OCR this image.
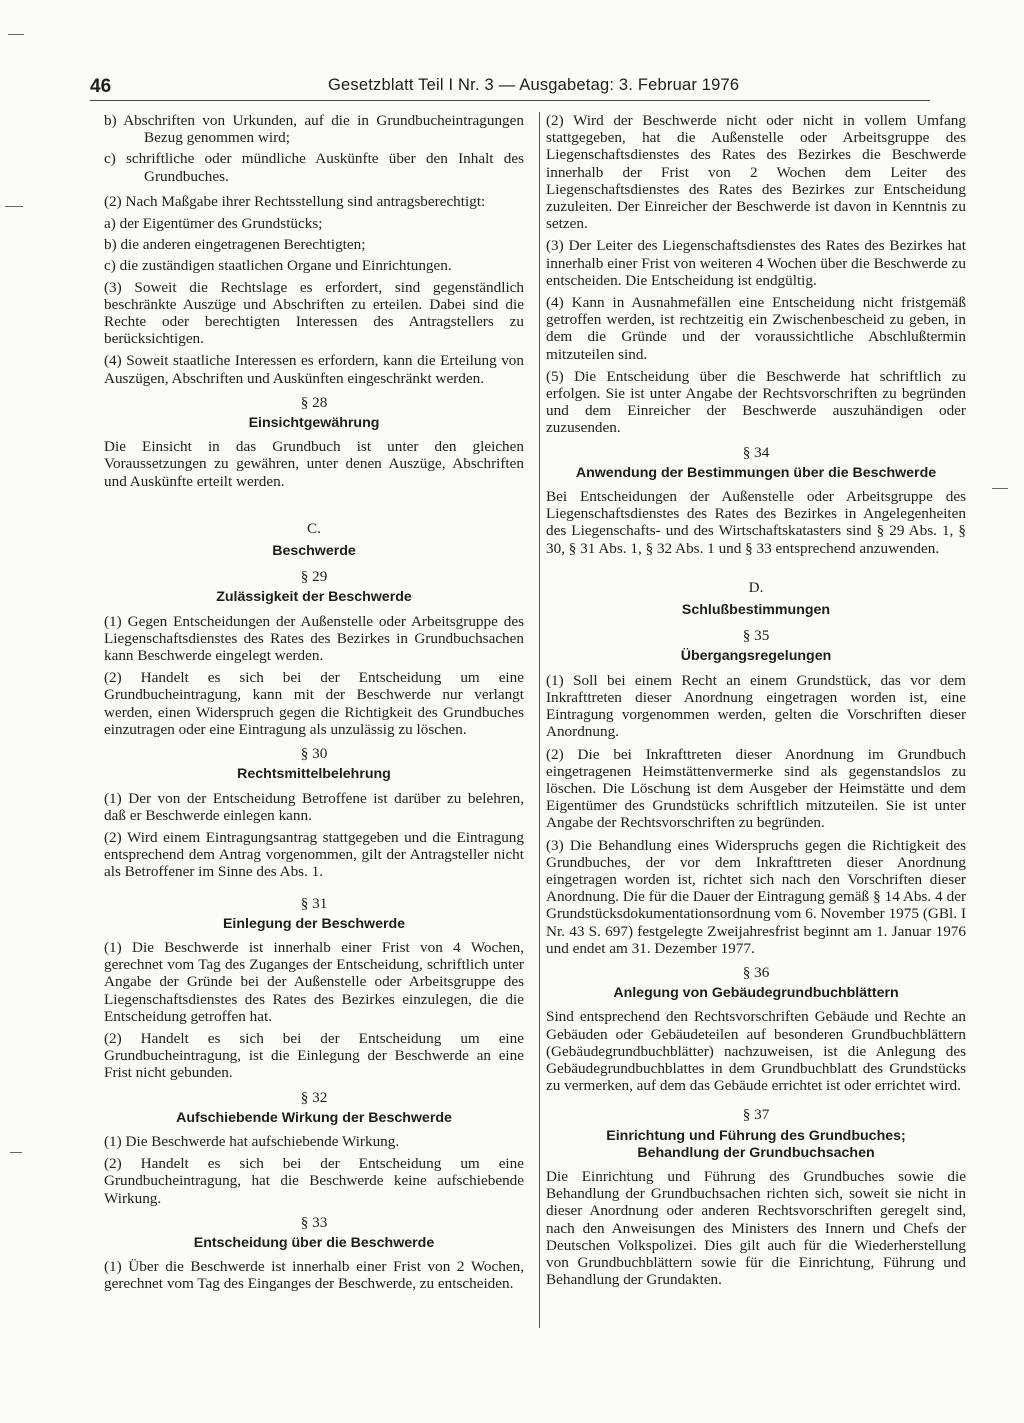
46	Gesetzblatt Teil I Nr. 3 — Ausgabetag: 3. Februar 1976

b) Abschriften von Urkunden, auf die in Grundbucheintragungen Bezug genommen wird;

c) schriftliche oder mündliche Auskünfte über den Inhalt des Grundbuches.

(2) Nach Maßgabe ihrer Rechtsstellung sind antragsberechtigt:

a) der Eigentümer des Grundstücks;

b) die anderen eingetragenen Berechtigten;

c) die zuständigen staatlichen Organe und Einrichtungen.

(3) Soweit die Rechtslage es erfordert, sind gegenständlich beschränkte Auszüge und Abschriften zu erteilen. Dabei sind die Rechte oder berechtigten Interessen des Antragstellers zu berücksichtigen.

(4) Soweit staatliche Interessen es erfordern, kann die Erteilung von Auszügen, Abschriften und Auskünften eingeschränkt werden.

§ 28

Einsichtgewährung

Die Einsicht in das Grundbuch ist unter den gleichen Voraussetzungen zu gewähren, unter denen Auszüge, Abschriften und Auskünfte erteilt werden.

C.

Beschwerde

§ 29

Zulässigkeit der Beschwerde

(1) Gegen Entscheidungen der Außenstelle oder Arbeitsgruppe des Liegenschaftsdienstes des Rates des Bezirkes in Grundbuchsachen kann Beschwerde eingelegt werden.

(2) Handelt es sich bei der Entscheidung um eine Grundbucheintragung, kann mit der Beschwerde nur verlangt werden, einen Widerspruch gegen die Richtigkeit des Grundbuches einzutragen oder eine Eintragung als unzulässig zu löschen.

§ 30

Rechtsmittelbelehrung

(1) Der von der Entscheidung Betroffene ist darüber zu belehren, daß er Beschwerde einlegen kann.

(2) Wird einem Eintragungsantrag stattgegeben und die Eintragung entsprechend dem Antrag vorgenommen, gilt der Antragsteller nicht als Betroffener im Sinne des Abs. 1.

§ 31

Einlegung der Beschwerde

(1) Die Beschwerde ist innerhalb einer Frist von 4 Wochen, gerechnet vom Tag des Zuganges der Entscheidung, schriftlich unter Angabe der Gründe bei der Außenstelle oder Arbeitsgruppe des Liegenschaftsdienstes des Rates des Bezirkes einzulegen, die die Entscheidung getroffen hat.

(2) Handelt es sich bei der Entscheidung um eine Grundbucheintragung, ist die Einlegung der Beschwerde an eine Frist nicht gebunden.

§ 32

Aufschiebende Wirkung der Beschwerde

(1) Die Beschwerde hat aufschiebende Wirkung.

(2) Handelt es sich bei der Entscheidung um eine Grundbucheintragung, hat die Beschwerde keine aufschiebende Wirkung.

§ 33

Entscheidung über die Beschwerde

(1) Über die Beschwerde ist innerhalb einer Frist von 2 Wochen, gerechnet vom Tag des Einganges der Beschwerde, zu entscheiden.

(2) Wird der Beschwerde nicht oder nicht in vollem Umfang stattgegeben, hat die Außenstelle oder Arbeitsgruppe des Liegenschaftsdienstes des Rates des Bezirkes die Beschwerde innerhalb der Frist von 2 Wochen dem Leiter des Liegenschaftsdienstes des Rates des Bezirkes zur Entscheidung zuzuleiten. Der Einreicher der Beschwerde ist davon in Kenntnis zu setzen.

(3) Der Leiter des Liegenschaftsdienstes des Rates des Bezirkes hat innerhalb einer Frist von weiteren 4 Wochen über die Beschwerde zu entscheiden. Die Entscheidung ist endgültig.

(4) Kann in Ausnahmefällen eine Entscheidung nicht fristgemäß getroffen werden, ist rechtzeitig ein Zwischenbescheid zu geben, in dem die Gründe und der voraussichtliche Abschlußtermin mitzuteilen sind.

(5) Die Entscheidung über die Beschwerde hat schriftlich zu erfolgen. Sie ist unter Angabe der Rechtsvorschriften zu begründen und dem Einreicher der Beschwerde auszuhändigen oder zuzusenden.

§ 34

Anwendung der Bestimmungen über die Beschwerde

Bei Entscheidungen der Außenstelle oder Arbeitsgruppe des Liegenschaftsdienstes des Rates des Bezirkes in Angelegenheiten des Liegenschafts- und des Wirtschaftskatasters sind § 29 Abs. 1, § 30, § 31 Abs. 1, § 32 Abs. 1 und § 33 entsprechend anzuwenden.

D.

Schlußbestimmungen

§ 35

Übergangsregelungen

(1) Soll bei einem Recht an einem Grundstück, das vor dem Inkrafttreten dieser Anordnung eingetragen worden ist, eine Eintragung vorgenommen werden, gelten die Vorschriften dieser Anordnung.

(2) Die bei Inkrafttreten dieser Anordnung im Grundbuch eingetragenen Heimstättenvermerke sind als gegenstandslos zu löschen. Die Löschung ist dem Ausgeber der Heimstätte und dem Eigentümer des Grundstücks schriftlich mitzuteilen. Sie ist unter Angabe der Rechtsvorschriften zu begründen.

(3) Die Behandlung eines Widerspruchs gegen die Richtigkeit des Grundbuches, der vor dem Inkrafttreten dieser Anordnung eingetragen worden ist, richtet sich nach den Vorschriften dieser Anordnung. Die für die Dauer der Eintragung gemäß § 14 Abs. 4 der Grundstücksdokumentationsordnung vom 6. November 1975 (GBl. I Nr. 43 S. 697) festgelegte Zweijahresfrist beginnt am 1. Januar 1976 und endet am 31. Dezember 1977.

§ 36

Anlegung von Gebäudegrundbuchblättern

Sind entsprechend den Rechtsvorschriften Gebäude und Rechte an Gebäuden oder Gebäudeteilen auf besonderen Grundbuchblättern (Gebäudegrundbuchblätter) nachzuweisen, ist die Anlegung des Gebäudegrundbuchblattes in dem Grundbuchblatt des Grundstücks zu vermerken, auf dem das Gebäude errichtet ist oder errichtet wird.

§ 37

Einrichtung und Führung des Grundbuches;

Behandlung der Grundbuchsachen

Die Einrichtung und Führung des Grundbuches sowie die Behandlung der Grundbuchsachen richten sich, soweit sie nicht in dieser Anordnung oder anderen Rechtsvorschriften geregelt sind, nach den Anweisungen des Ministers des Innern und Chefs der Deutschen Volkspolizei. Dies gilt auch für die Wiederherstellung von Grundbuchblättern sowie für die Einrichtung, Führung und Behandlung der Grundakten.
